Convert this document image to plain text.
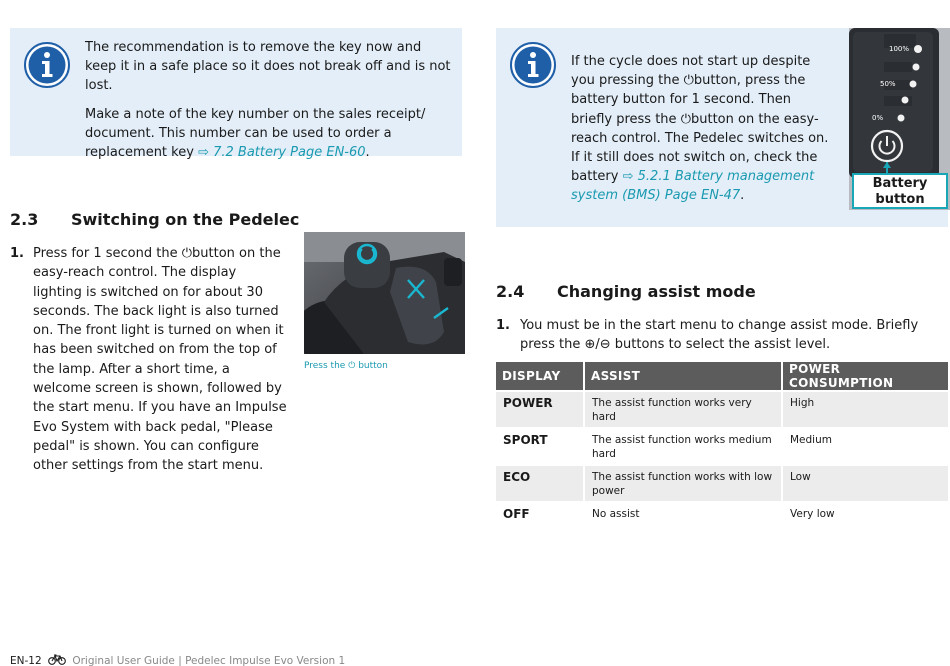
The recommendation is to remove the key now and keep it in a safe place so it does not break off and is not lost.

Make a note of the key number on the sales receipt/ document. This number can be used to order a replacement key ⇨ 7.2 Battery Page EN-60.

If the cycle does not start up despite you pressing the ⏻button, press the battery button for 1 second. Then briefly press the ⏻button on the easy-reach control. The Pedelec switches on. If it still does not switch on, check the battery ⇨ 5.2.1 Battery management system (BMS) Page EN-47.

100%
50%
0%
Battery
button
2.3 Switching on the Pedelec
1. Press for 1 second the ⏻button on the easy-reach control. The display lighting is switched on for about 30 seconds. The back light is also turned on. The front light is turned on when it has been switched on from the top of the lamp. After a short time, a welcome screen is shown, followed by the start menu. If you have an Impulse Evo System with back pedal, "Please pedal" is shown. You can configure other settings from the start menu.
Press the ⏻ button
2.4 Changing assist mode
1. You must be in the start menu to change assist mode. Briefly press the ⊕/⊖ buttons to select the assist level.
DISPLAY	ASSIST	POWER CONSUMPTION
POWER	The assist function works very hard	High
SPORT	The assist function works medium hard	Medium
ECO	The assist function works with low power	Low
OFF	No assist	Very low
EN-12	Original User Guide | Pedelec Impulse Evo Version 1
